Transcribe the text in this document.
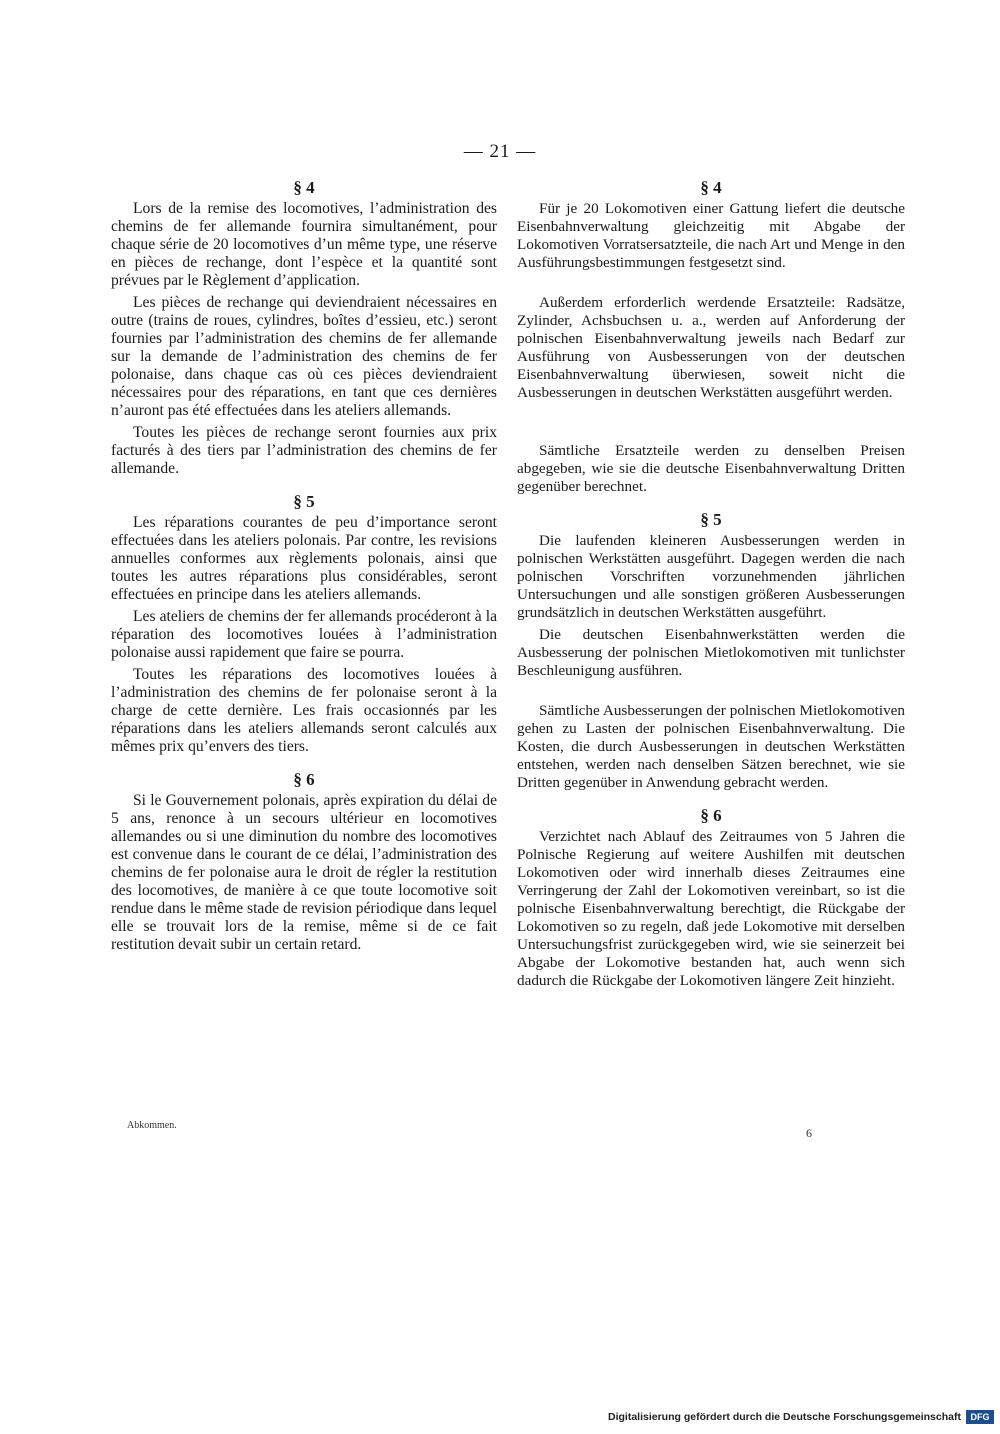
— 21 —
§ 4

Lors de la remise des locomotives, l’administration des chemins de fer allemande fournira simultanément, pour chaque série de 20 locomotives d’un même type, une réserve en pièces de rechange, dont l’espèce et la quantité sont prévues par le Règlement d’application.

Les pièces de rechange qui deviendraient nécessaires en outre (trains de roues, cylindres, boîtes d’essieu, etc.) seront fournies par l’administration des chemins de fer allemande sur la demande de l’administration des chemins de fer polonaise, dans chaque cas où ces pièces deviendraient nécessaires pour des réparations, en tant que ces dernières n’auront pas été effectuées dans les ateliers allemands.

Toutes les pièces de rechange seront fournies aux prix facturés à des tiers par l’administration des chemins de fer allemande.

§ 5

Les réparations courantes de peu d’importance seront effectuées dans les ateliers polonais. Par contre, les revisions annuelles conformes aux règlements polonais, ainsi que toutes les autres réparations plus considérables, seront effectuées en principe dans les ateliers allemands.

Les ateliers de chemins der fer allemands procéderont à la réparation des locomotives louées à l’administration polonaise aussi rapidement que faire se pourra.

Toutes les réparations des locomotives louées à l’administration des chemins de fer polonaise seront à la charge de cette dernière. Les frais occasionnés par les réparations dans les ateliers allemands seront calculés aux mêmes prix qu’envers des tiers.

§ 6

Si le Gouvernement polonais, après expiration du délai de 5 ans, renonce à un secours ultérieur en locomotives allemandes ou si une diminution du nombre des locomotives est convenue dans le courant de ce délai, l’administration des chemins de fer polonaise aura le droit de régler la restitution des locomotives, de manière à ce que toute locomotive soit rendue dans le même stade de revision périodique dans lequel elle se trouvait lors de la remise, même si de ce fait restitution devait subir un certain retard.

§ 4

Für je 20 Lokomotiven einer Gattung liefert die deutsche Eisenbahnverwaltung gleichzeitig mit Abgabe der Lokomotiven Vorratsersatzteile, die nach Art und Menge in den Ausführungsbestimmungen festgesetzt sind.

Außerdem erforderlich werdende Ersatzteile: Radsätze, Zylinder, Achsbuchsen u. a., werden auf Anforderung der polnischen Eisenbahnverwaltung jeweils nach Bedarf zur Ausführung von Ausbesserungen von der deutschen Eisenbahnverwaltung überwiesen, soweit nicht die Ausbesserungen in deutschen Werkstätten ausgeführt werden.

Sämtliche Ersatzteile werden zu denselben Preisen abgegeben, wie sie die deutsche Eisenbahnverwaltung Dritten gegenüber berechnet.

§ 5

Die laufenden kleineren Ausbesserungen werden in polnischen Werkstätten ausgeführt. Dagegen werden die nach polnischen Vorschriften vorzunehmenden jährlichen Untersuchungen und alle sonstigen größeren Ausbesserungen grundsätzlich in deutschen Werkstätten ausgeführt.

Die deutschen Eisenbahnwerkstätten werden die Ausbesserung der polnischen Mietlokomotiven mit tunlichster Beschleunigung ausführen.

Sämtliche Ausbesserungen der polnischen Mietlokomotiven gehen zu Lasten der polnischen Eisenbahnverwaltung. Die Kosten, die durch Ausbesserungen in deutschen Werkstätten entstehen, werden nach denselben Sätzen berechnet, wie sie Dritten gegenüber in Anwendung gebracht werden.

§ 6

Verzichtet nach Ablauf des Zeitraumes von 5 Jahren die Polnische Regierung auf weitere Aushilfen mit deutschen Lokomotiven oder wird innerhalb dieses Zeitraumes eine Verringerung der Zahl der Lokomotiven vereinbart, so ist die polnische Eisenbahnverwaltung berechtigt, die Rückgabe der Lokomotiven so zu regeln, daß jede Lokomotive mit derselben Untersuchungsfrist zurückgegeben wird, wie sie seinerzeit bei Abgabe der Lokomotive bestanden hat, auch wenn sich dadurch die Rückgabe der Lokomotiven längere Zeit hinzieht.

Abkommen.
6
Digitalisierung gefördert durch die Deutsche Forschungsgemeinschaft	DFG
